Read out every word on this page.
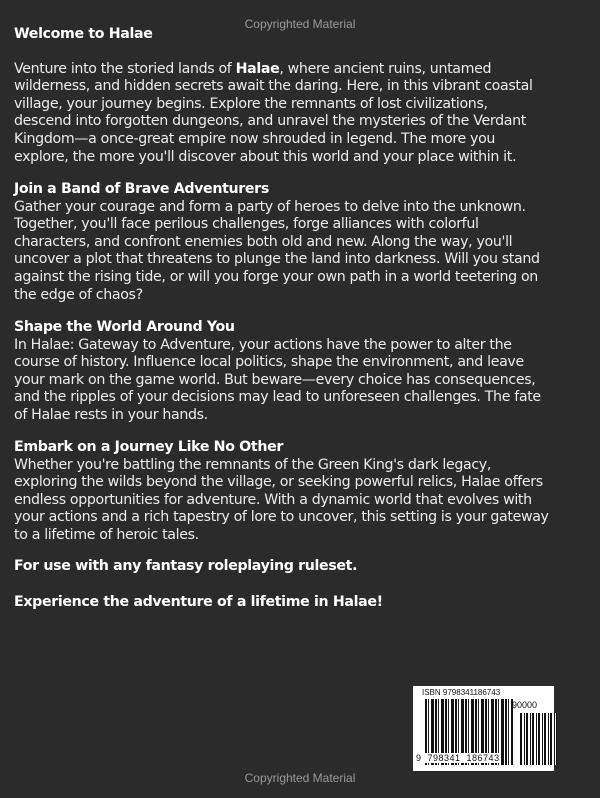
Copyrighted Material
Welcome to Halae
Venture into the storied lands of Halae, where ancient ruins, untamed
wilderness, and hidden secrets await the daring. Here, in this vibrant coastal
village, your journey begins. Explore the remnants of lost civilizations,
descend into forgotten dungeons, and unravel the mysteries of the Verdant
Kingdom—a once-great empire now shrouded in legend. The more you
explore, the more you'll discover about this world and your place within it.
Join a Band of Brave Adventurers
Gather your courage and form a party of heroes to delve into the unknown.
Together, you'll face perilous challenges, forge alliances with colorful
characters, and confront enemies both old and new. Along the way, you'll
uncover a plot that threatens to plunge the land into darkness. Will you stand
against the rising tide, or will you forge your own path in a world teetering on
the edge of chaos?
Shape the World Around You
In Halae: Gateway to Adventure, your actions have the power to alter the
course of history. Influence local politics, shape the environment, and leave
your mark on the game world. But beware—every choice has consequences,
and the ripples of your decisions may lead to unforeseen challenges. The fate
of Halae rests in your hands.
Embark on a Journey Like No Other
Whether you're battling the remnants of the Green King's dark legacy,
exploring the wilds beyond the village, or seeking powerful relics, Halae offers
endless opportunities for adventure. With a dynamic world that evolves with
your actions and a rich tapestry of lore to uncover, this setting is your gateway
to a lifetime of heroic tales.
For use with any fantasy roleplaying ruleset.
Experience the adventure of a lifetime in Halae!
ISBN 9798341186743
90000
9  798341  186743
Copyrighted Material
